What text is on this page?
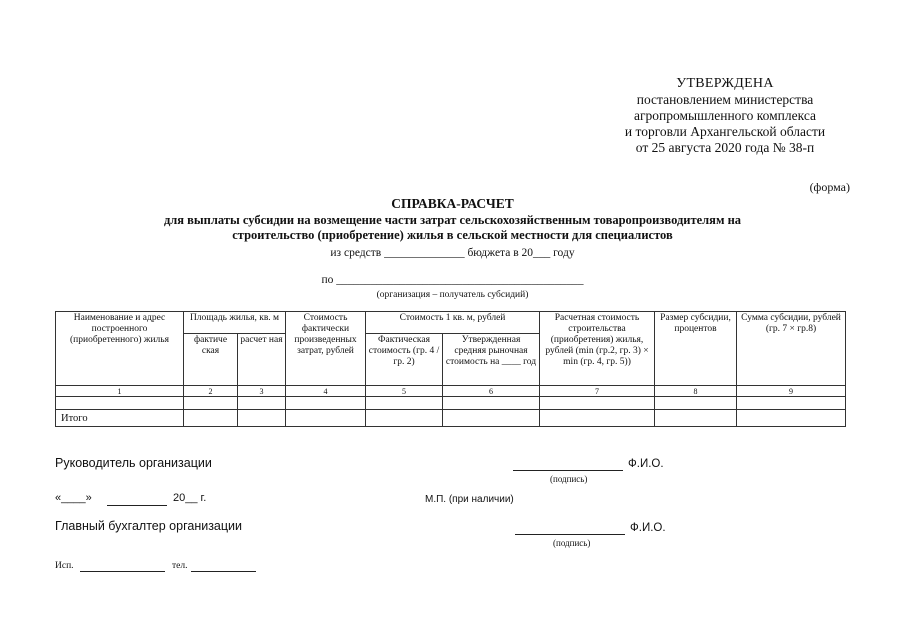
УТВЕРЖДЕНА
постановлением министерства
агропромышленного комплекса
и торговли Архангельской области
от 25 августа 2020 года № 38-п
(форма)
СПРАВКА-РАСЧЕТ
для выплаты субсидии на возмещение части затрат сельскохозяйственным товаропроизводителям на
строительство (приобретение) жилья в сельской местности для специалистов
из средств ______________ бюджета в 20___ году
по ___________________________________________
(организация – получатель субсидий)
Наименование и адрес построенного (приобретенного) жилья	Площадь жилья, кв. м		Стоимость фактически произведенных затрат, рублей	Стоимость 1 кв. м, рублей		Расчетная стоимость строительства (приобретения) жилья, рублей (min (гр.2, гр. 3) × min (гр. 4, гр. 5))	Размер субсидии, процентов	Сумма субсидии, рублей (гр. 7 × гр.8)
	фактиче ская	расчет ная		Фактическая стоимость (гр. 4 / гр. 2)	Утвержденная средняя рыночная стоимость на ____ год			
1	2	3	4	5	6	7	8	9

Итого								
Руководитель организации	Ф.И.О.
(подпись)
«____»	20__ г.	М.П. (при наличии)
Главный бухгалтер организации	Ф.И.О.
(подпись)
Исп.	тел.
